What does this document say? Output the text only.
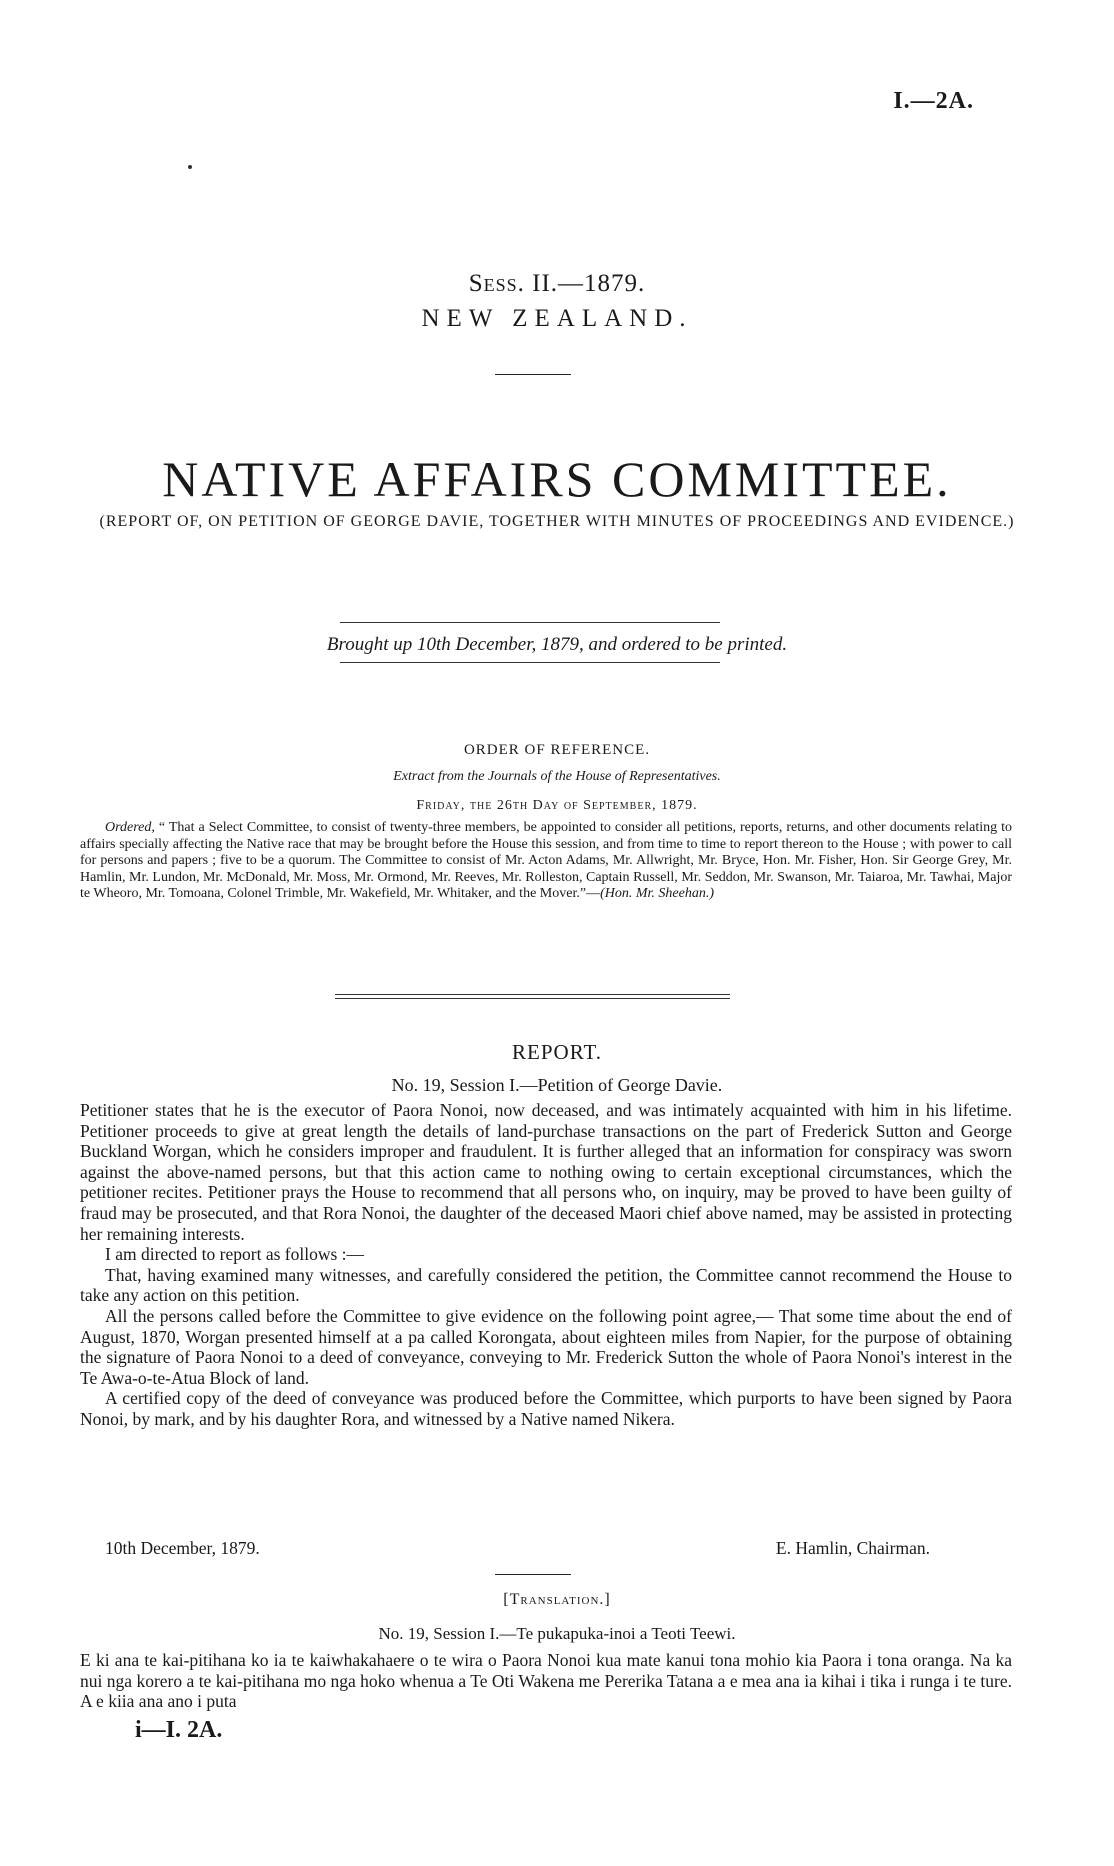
I.—2A.
Sess. II.—1879.
NEW ZEALAND.
NATIVE AFFAIRS COMMITTEE.
(REPORT OF, ON PETITION OF GEORGE DAVIE, TOGETHER WITH MINUTES OF PROCEEDINGS AND EVIDENCE.)
Brought up 10th December, 1879, and ordered to be printed.
ORDER OF REFERENCE.
Extract from the Journals of the House of Representatives.
Friday, the 26th Day of September, 1879.
Ordered, “ That a Select Committee, to consist of twenty-three members, be appointed to consider all petitions, reports, returns, and other documents relating to affairs specially affecting the Native race that may be brought before the House this session, and from time to time to report thereon to the House ; with power to call for persons and papers ; five to be a quorum. The Committee to consist of Mr. Acton Adams, Mr. Allwright, Mr. Bryce, Hon. Mr. Fisher, Hon. Sir George Grey, Mr. Hamlin, Mr. Lundon, Mr. McDonald, Mr. Moss, Mr. Ormond, Mr. Reeves, Mr. Rolleston, Captain Russell, Mr. Seddon, Mr. Swanson, Mr. Taiaroa, Mr. Tawhai, Major te Wheoro, Mr. Tomoana, Colonel Trimble, Mr. Wakefield, Mr. Whitaker, and the Mover.”—(Hon. Mr. Sheehan.)
REPORT.
No. 19, Session I.—Petition of George Davie.

Petitioner states that he is the executor of Paora Nonoi, now deceased, and was intimately acquainted with him in his lifetime. Petitioner proceeds to give at great length the details of land-purchase transactions on the part of Frederick Sutton and George Buckland Worgan, which he considers improper and fraudulent. It is further alleged that an information for conspiracy was sworn against the above-named persons, but that this action came to nothing owing to certain exceptional circumstances, which the petitioner recites. Petitioner prays the House to recommend that all persons who, on inquiry, may be proved to have been guilty of fraud may be prosecuted, and that Rora Nonoi, the daughter of the deceased Maori chief above named, may be assisted in protecting her remaining interests.

I am directed to report as follows :—

That, having examined many witnesses, and carefully considered the petition, the Committee cannot recommend the House to take any action on this petition.

All the persons called before the Committee to give evidence on the following point agree,— That some time about the end of August, 1870, Worgan presented himself at a pa called Korongata, about eighteen miles from Napier, for the purpose of obtaining the signature of Paora Nonoi to a deed of conveyance, conveying to Mr. Frederick Sutton the whole of Paora Nonoi's interest in the Te Awa-o-te-Atua Block of land.

A certified copy of the deed of conveyance was produced before the Committee, which purports to have been signed by Paora Nonoi, by mark, and by his daughter Rora, and witnessed by a Native named Nikera.

10th December, 1879.	E. Hamlin, Chairman.
[Translation.]
No. 19, Session I.—Te pukapuka-inoi a Teoti Teewi.
E ki ana te kai-pitihana ko ia te kaiwhakahaere o te wira o Paora Nonoi kua mate kanui tona mohio kia Paora i tona oranga. Na ka nui nga korero a te kai-pitihana mo nga hoko whenua a Te Oti Wakena me Pererika Tatana a e mea ana ia kihai i tika i runga i te ture. A e kiia ana ano i puta
i—I. 2A.
